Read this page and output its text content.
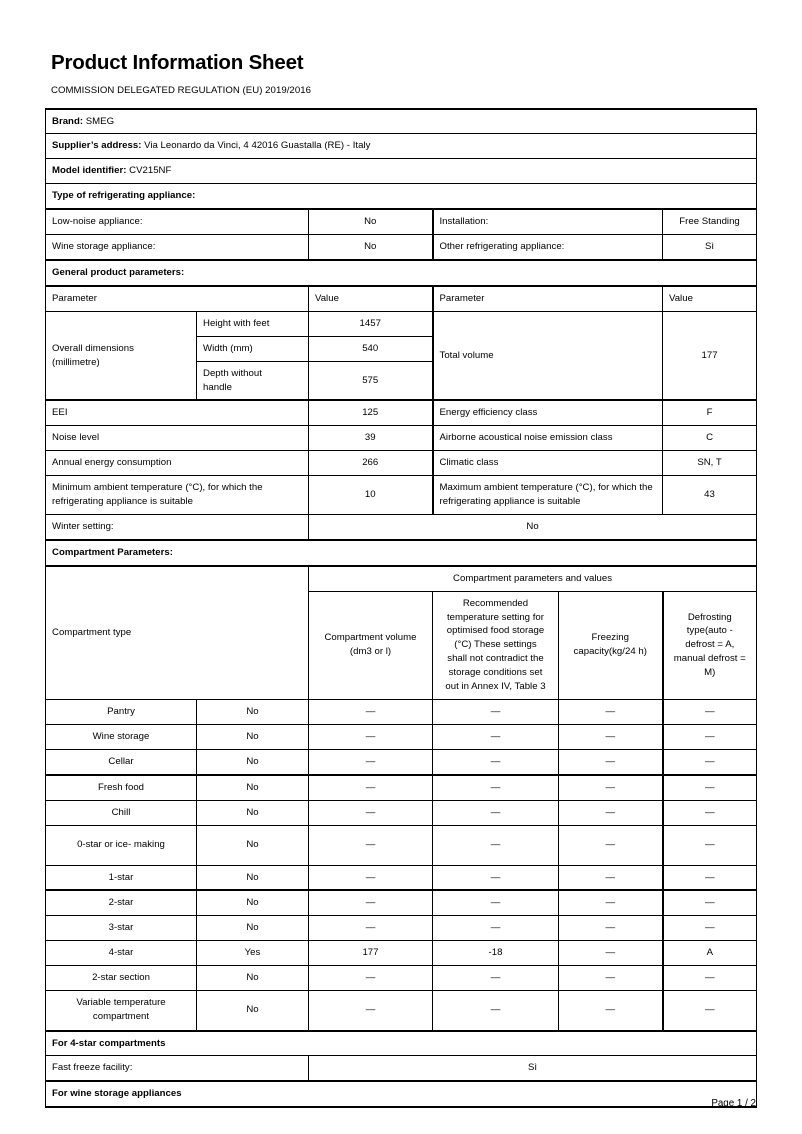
Product Information Sheet
COMMISSION DELEGATED REGULATION (EU) 2019/2016
Brand: SMEG					
Supplier’s address: Via Leonardo da Vinci, 4 42016 Guastalla (RE) - Italy					
Model identifier: CV215NF					
Type of refrigerating appliance:					
Low-noise appliance:		No	Installation:		Free Standing
Wine storage appliance:		No	Other refrigerating appliance:		Sì
General product parameters:					
Parameter		Value	Parameter		Value

Overall dimensions
(millimetre)	Height with feet	1457	Total volume		177
	Width (mm)	540			
	Depth without
handle	575			
EEI		125	Energy efficiency class		F
Noise level		39	Airborne acoustical noise emission class		C
Annual energy consumption		266	Climatic class		SN, T
Minimum ambient temperature (°C), for which the refrigerating appliance is suitable		10	Maximum ambient temperature (°C), for which the refrigerating appliance is suitable		43
Winter setting:		No			
Compartment Parameters:					
Compartment type		Compartment parameters and values			
Compartment volume
(dm3 or l)	Recommended
temperature setting for
optimised food storage
(°C) These settings
shall not contradict the
storage conditions set
out in Annex IV, Table 3	Freezing
capacity(kg/24 h)	Defrosting
type(auto -
defrost = A,
manual defrost =
M)
Pantry	No	—	—	—	—
Wine storage	No	—	—	—	—
Cellar	No	—	—	—	—
Fresh food	No	—	—	—	—
Chill	No	—	—	—	—
0-star or ice- making	No	—	—	—	—
1-star	No	—	—	—	—
2-star	No	—	—	—	—
3-star	No	—	—	—	—
4-star	Yes	177	-18	—	A
2-star section	No	—	—	—	—
Variable temperature
compartment	No	—	—	—	—
For 4-star compartments					
Fast freeze facility:		Sì			
For wine storage appliances					
Page 1 / 2
